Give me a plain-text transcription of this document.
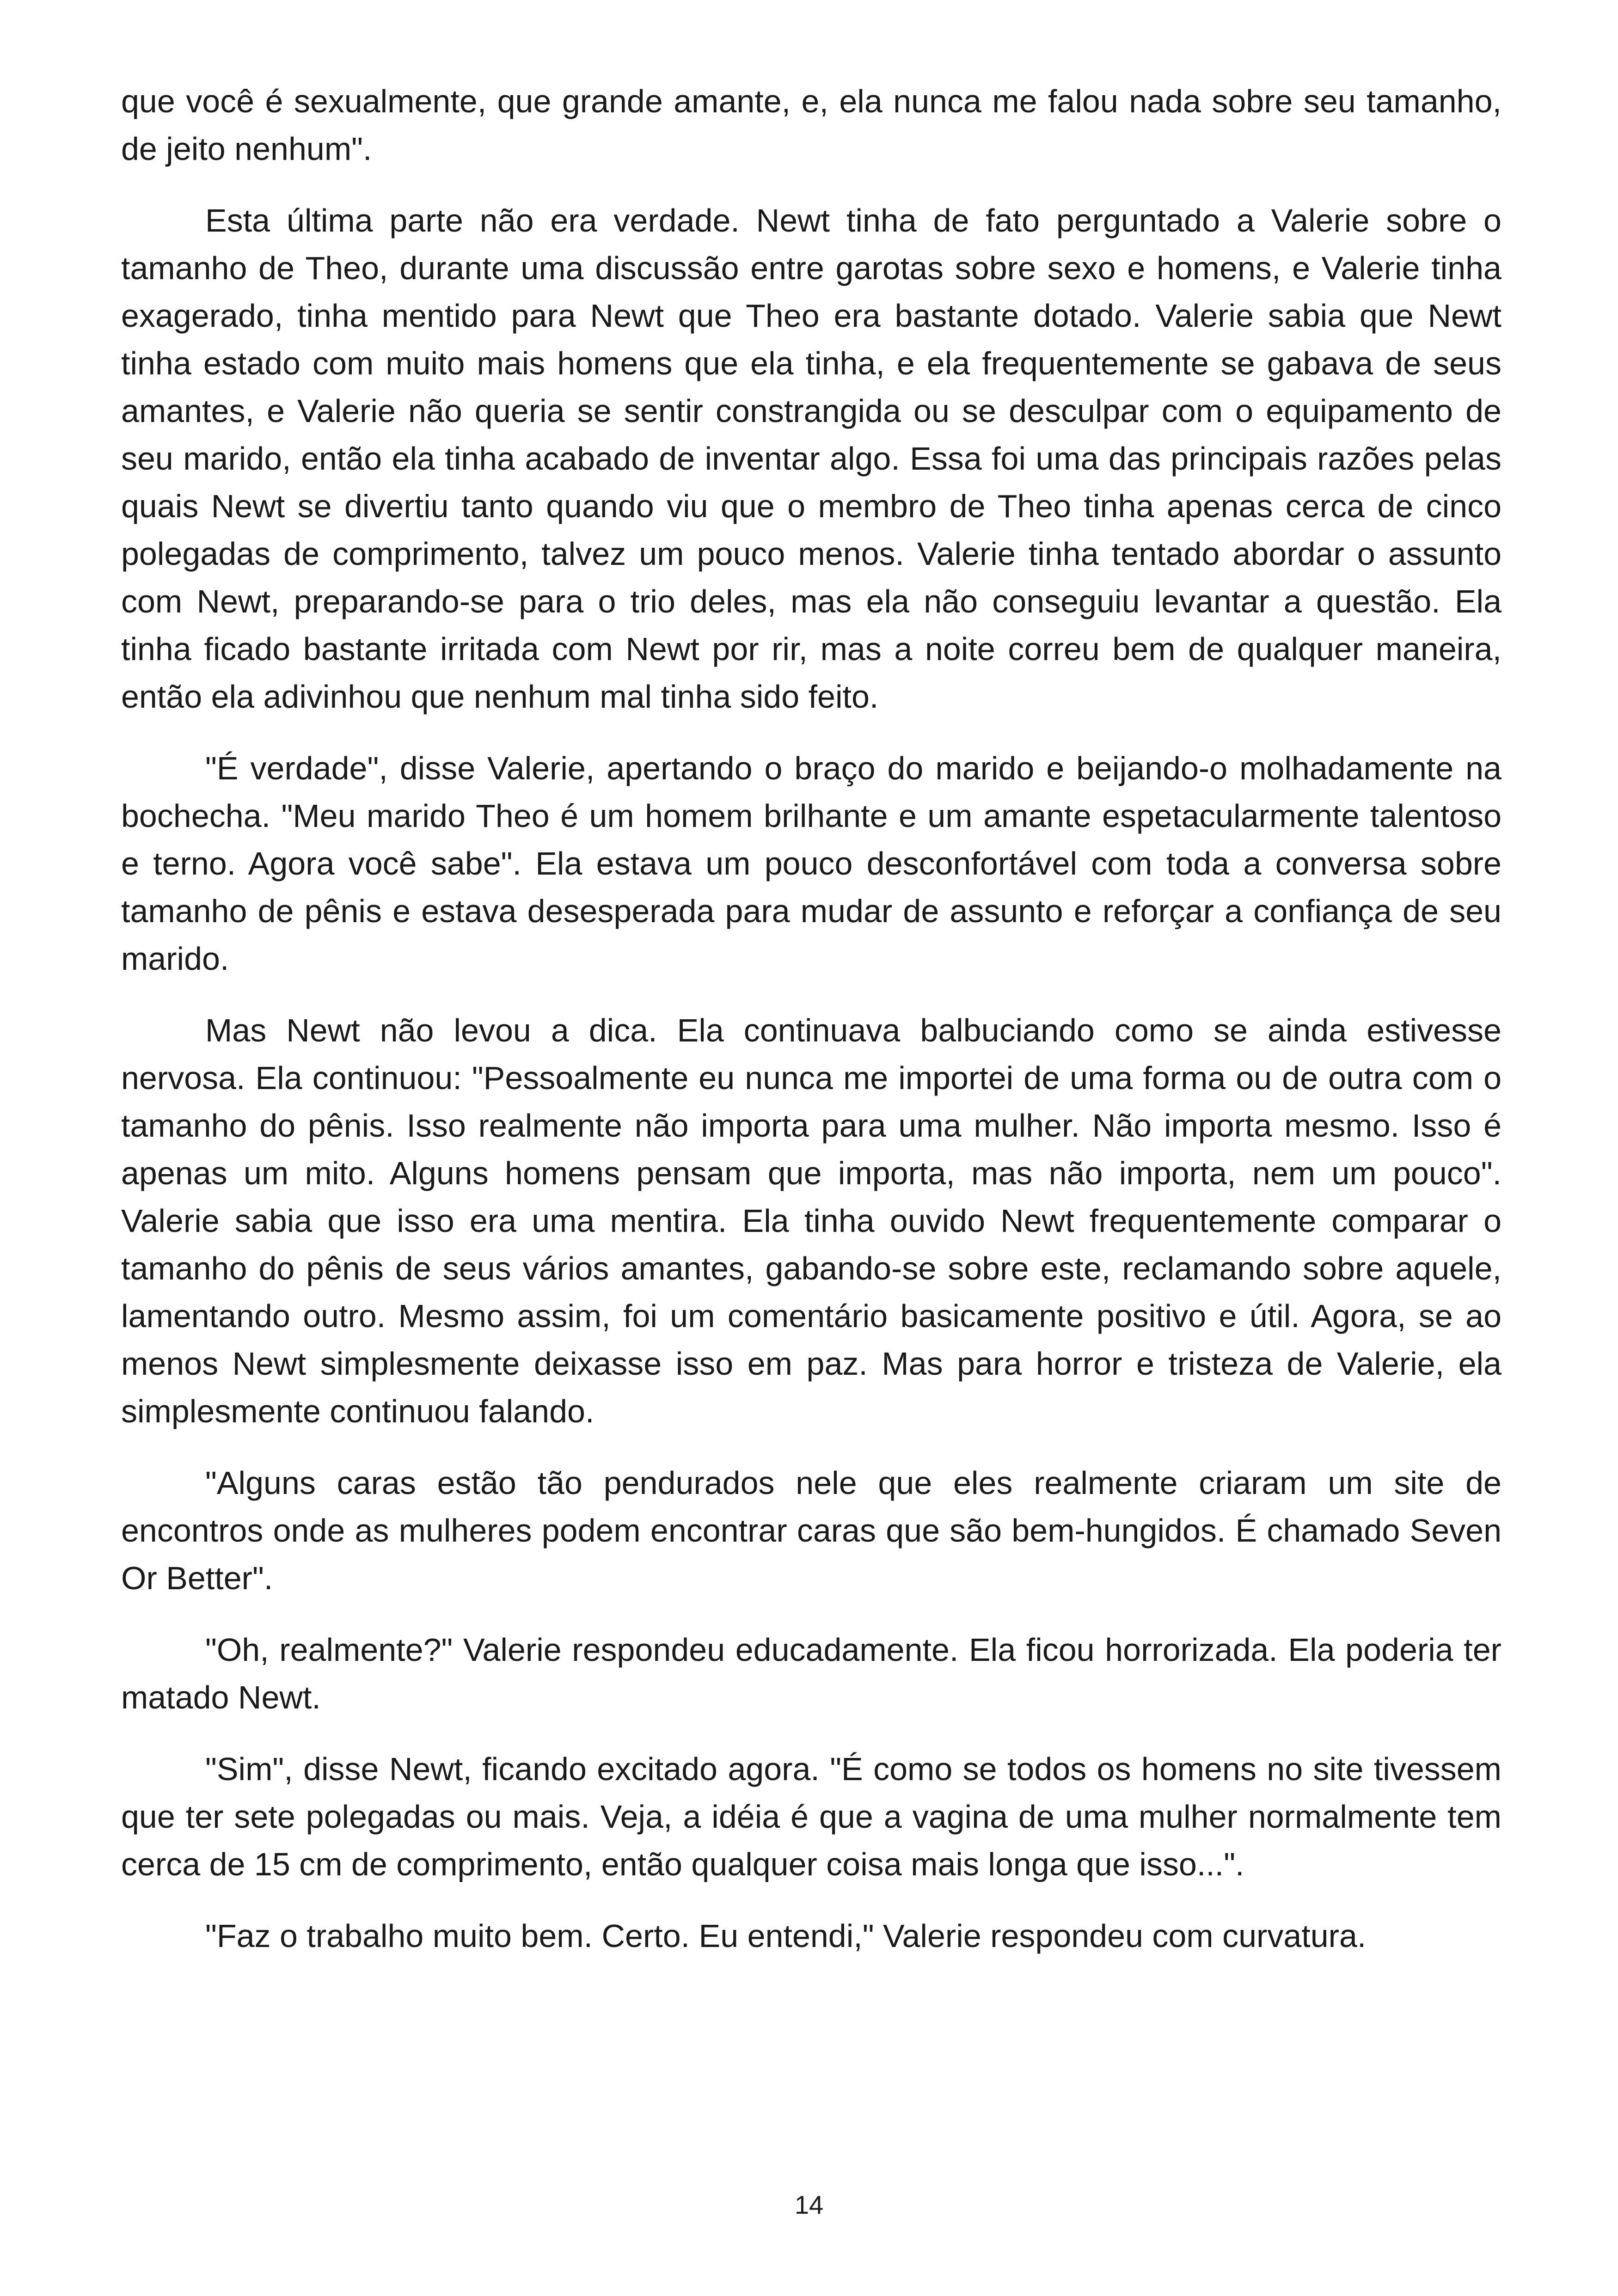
que você é sexualmente, que grande amante, e, ela nunca me falou nada sobre seu tamanho, de jeito nenhum".

Esta última parte não era verdade. Newt tinha de fato perguntado a Valerie sobre o tamanho de Theo, durante uma discussão entre garotas sobre sexo e homens, e Valerie tinha exagerado, tinha mentido para Newt que Theo era bastante dotado. Valerie sabia que Newt tinha estado com muito mais homens que ela tinha, e ela frequentemente se gabava de seus amantes, e Valerie não queria se sentir constrangida ou se desculpar com o equipamento de seu marido, então ela tinha acabado de inventar algo. Essa foi uma das principais razões pelas quais Newt se divertiu tanto quando viu que o membro de Theo tinha apenas cerca de cinco polegadas de comprimento, talvez um pouco menos. Valerie tinha tentado abordar o assunto com Newt, preparando-se para o trio deles, mas ela não conseguiu levantar a questão. Ela tinha ficado bastante irritada com Newt por rir, mas a noite correu bem de qualquer maneira, então ela adivinhou que nenhum mal tinha sido feito.

"É verdade", disse Valerie, apertando o braço do marido e beijando-o molhadamente na bochecha. "Meu marido Theo é um homem brilhante e um amante espetacularmente talentoso e terno. Agora você sabe". Ela estava um pouco desconfortável com toda a conversa sobre tamanho de pênis e estava desesperada para mudar de assunto e reforçar a confiança de seu marido.

Mas Newt não levou a dica. Ela continuava balbuciando como se ainda estivesse nervosa. Ela continuou: "Pessoalmente eu nunca me importei de uma forma ou de outra com o tamanho do pênis. Isso realmente não importa para uma mulher. Não importa mesmo. Isso é apenas um mito. Alguns homens pensam que importa, mas não importa, nem um pouco". Valerie sabia que isso era uma mentira. Ela tinha ouvido Newt frequentemente comparar o tamanho do pênis de seus vários amantes, gabando-se sobre este, reclamando sobre aquele, lamentando outro. Mesmo assim, foi um comentário basicamente positivo e útil. Agora, se ao menos Newt simplesmente deixasse isso em paz. Mas para horror e tristeza de Valerie, ela simplesmente continuou falando.

"Alguns caras estão tão pendurados nele que eles realmente criaram um site de encontros onde as mulheres podem encontrar caras que são bem-hungidos. É chamado Seven Or Better".

"Oh, realmente?" Valerie respondeu educadamente. Ela ficou horrorizada. Ela poderia ter matado Newt.

"Sim", disse Newt, ficando excitado agora. "É como se todos os homens no site tivessem que ter sete polegadas ou mais. Veja, a idéia é que a vagina de uma mulher normalmente tem cerca de 15 cm de comprimento, então qualquer coisa mais longa que isso...".

"Faz o trabalho muito bem. Certo. Eu entendi," Valerie respondeu com curvatura.

14
